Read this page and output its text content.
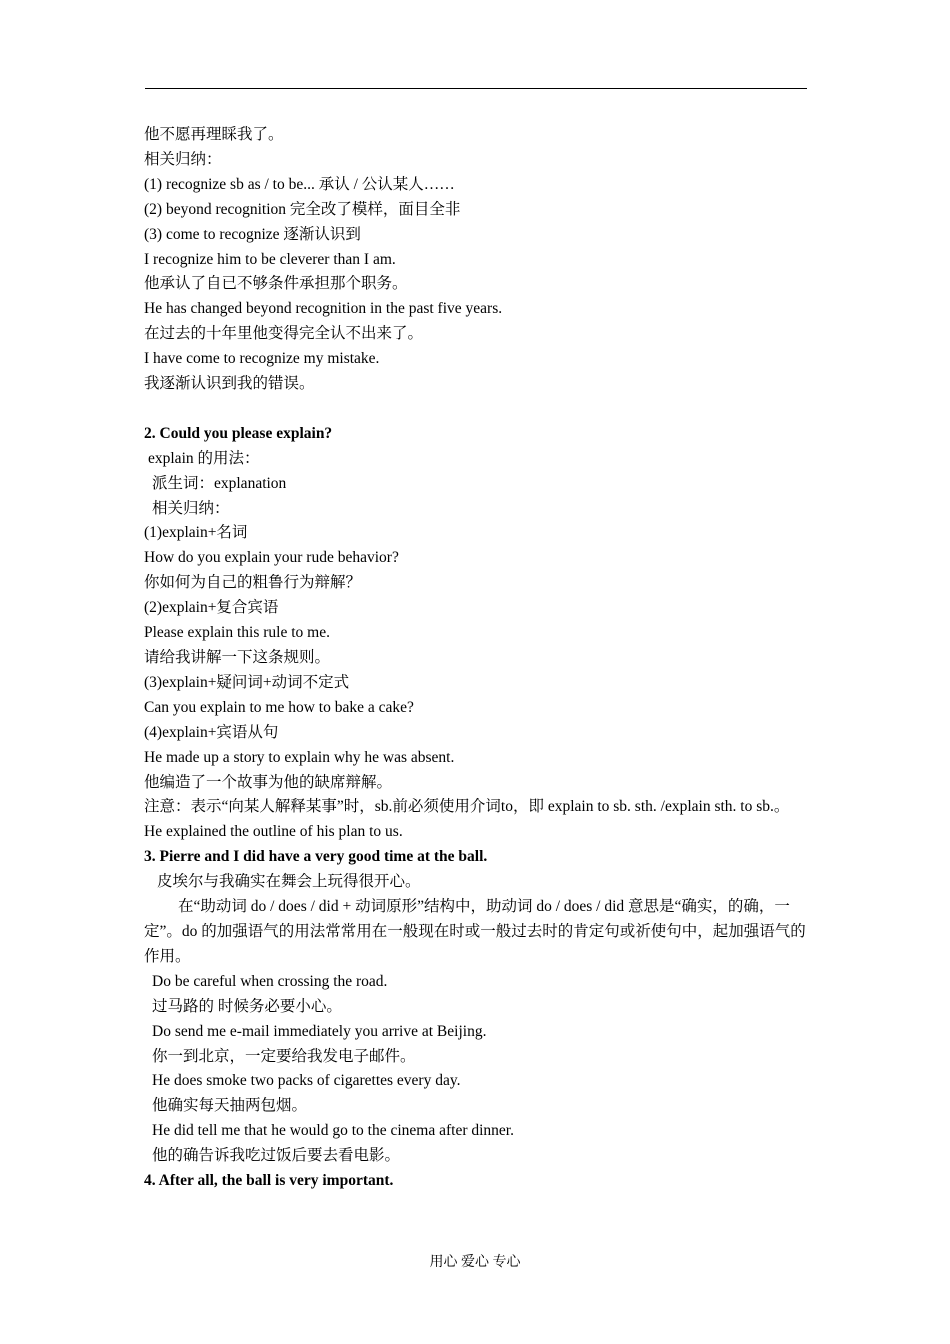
他不愿再理睬我了。
相关归纳：
(1) recognize sb as / to be... 承认 / 公认某人……
(2) beyond recognition 完全改了模样，面目全非
(3) come to recognize 逐渐认识到
I recognize him to be cleverer than I am.
他承认了自已不够条件承担那个职务。
He has changed beyond recognition in the past five years.
在过去的十年里他变得完全认不出来了。
I have come to recognize my mistake.
我逐渐认识到我的错误。
2. Could you please explain?
explain 的用法：
派生词：explanation
相关归纳：
(1)explain+名词
How do you explain your rude behavior?
你如何为自己的粗鲁行为辩解？
(2)explain+复合宾语
Please explain this rule to me.
请给我讲解一下这条规则。
(3)explain+疑问词+动词不定式
Can you explain to me how to bake a cake?
(4)explain+宾语从句
He made up a story to explain why he was absent.
他编造了一个故事为他的缺席辩解。
注意：表示“向某人解释某事”时，sb.前必须使用介词to，即 explain to sb. sth. /explain sth. to sb.。
He explained the outline of his plan to us.
3. Pierre and I did have a very good time at the ball.
皮埃尔与我确实在舞会上玩得很开心。
在“助动词 do / does / did + 动词原形”结构中，助动词 do / does / did 意思是“确实，的确，一定”。do 的加强语气的用法常常用在一般现在时或一般过去时的肯定句或祈使句中，起加强语气的作用。
Do be careful when crossing the road.
过马路的 时候务必要小心。
Do send me e-mail immediately you arrive at Beijing.
你一到北京，一定要给我发电子邮件。
He does smoke two packs of cigarettes every day.
他确实每天抽两包烟。
He did tell me that he would go to the cinema after dinner.
他的确告诉我吃过饭后要去看电影。
4. After all, the ball is very important.
用心 爱心 专心
